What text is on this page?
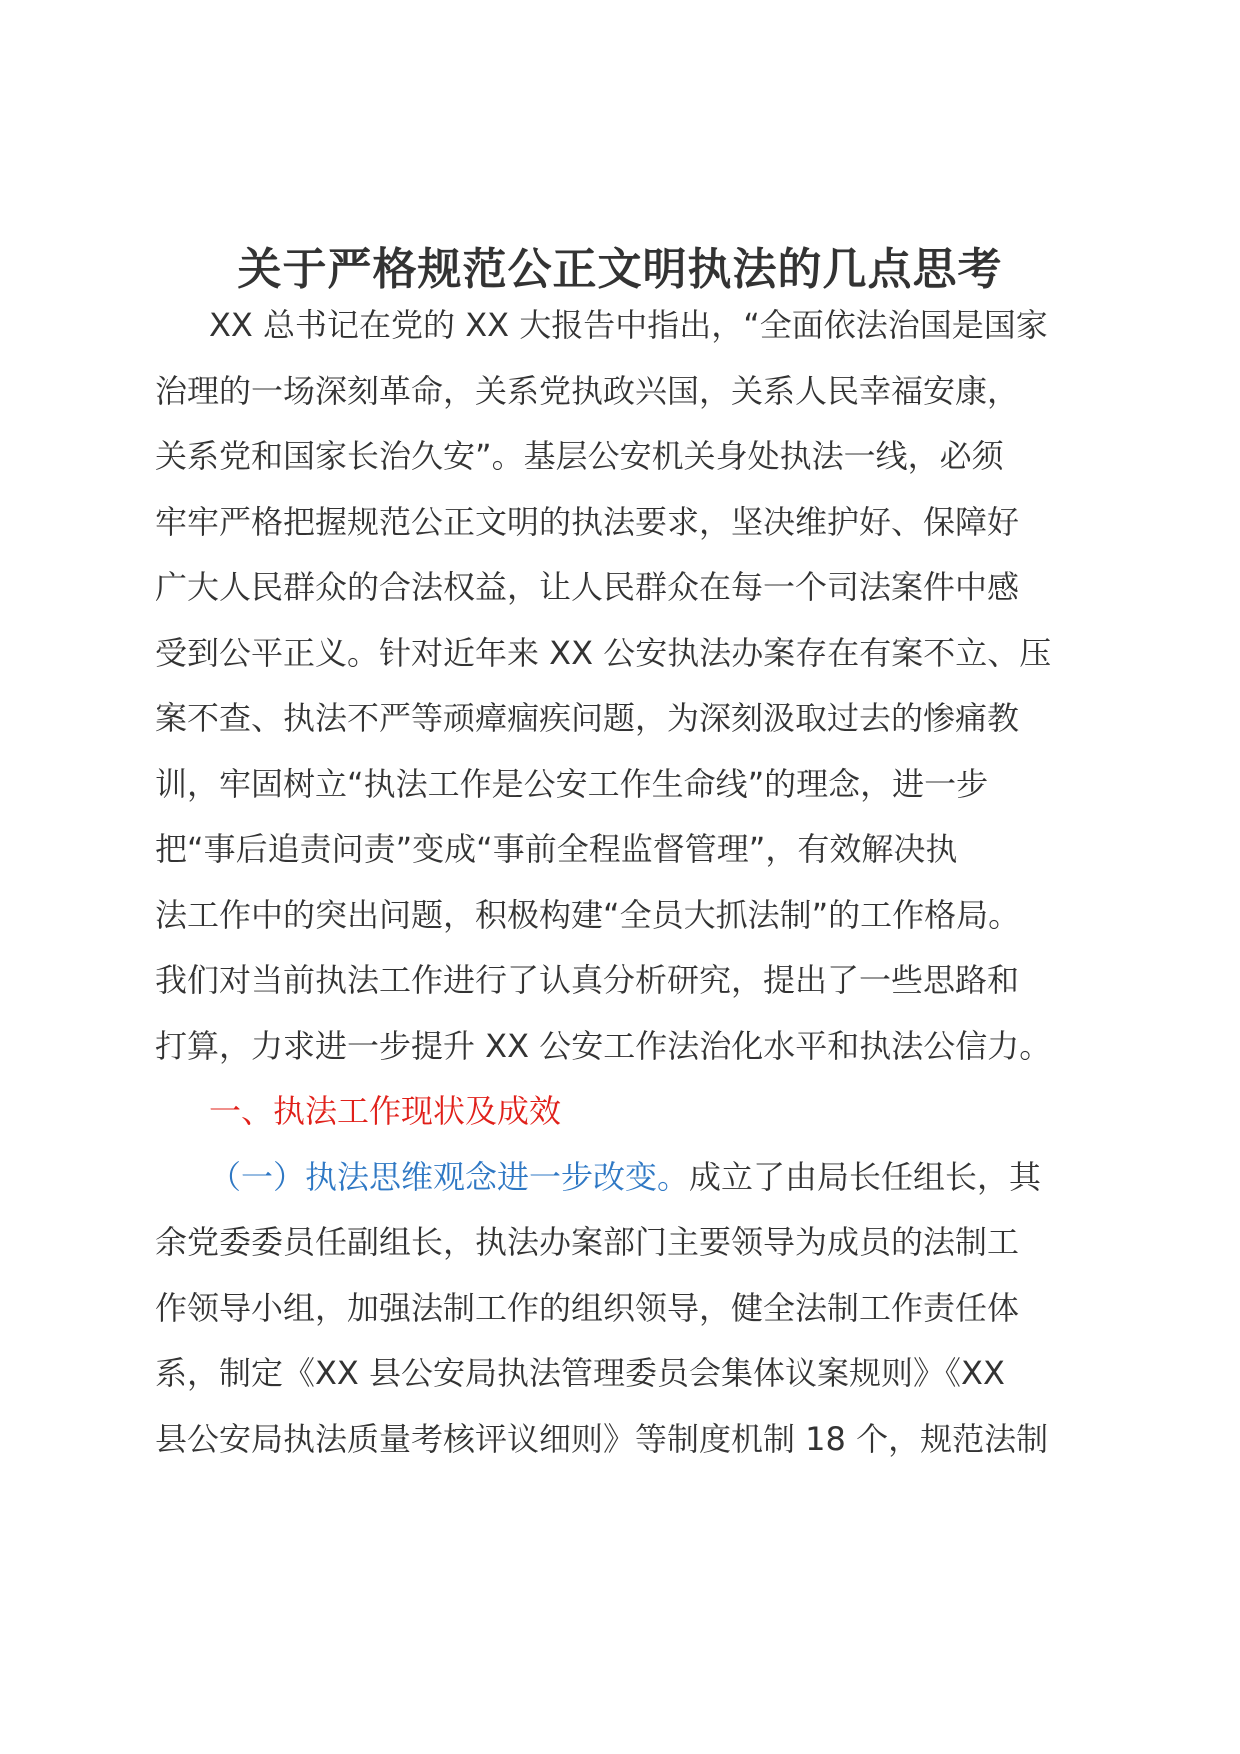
关于严格规范公正文明执法的几点思考
XX 总书记在党的 XX 大报告中指出，“全面依法治国是国家
治理的一场深刻革命，关系党执政兴国，关系人民幸福安康，
关系党和国家长治久安”。基层公安机关身处执法一线，必须
牢牢严格把握规范公正文明的执法要求，坚决维护好、保障好
广大人民群众的合法权益，让人民群众在每一个司法案件中感
受到公平正义。针对近年来 XX 公安执法办案存在有案不立、压
案不查、执法不严等顽瘴痼疾问题，为深刻汲取过去的惨痛教
训，牢固树立“执法工作是公安工作生命线”的理念，进一步
把“事后追责问责”变成“事前全程监督管理”，有效解决执
法工作中的突出问题，积极构建“全员大抓法制”的工作格局。
我们对当前执法工作进行了认真分析研究，提出了一些思路和
打算，力求进一步提升 XX 公安工作法治化水平和执法公信力。
一、执法工作现状及成效
（一）执法思维观念进一步改变。成立了由局长任组长，其
余党委委员任副组长，执法办案部门主要领导为成员的法制工
作领导小组，加强法制工作的组织领导，健全法制工作责任体
系，制定《XX 县公安局执法管理委员会集体议案规则》《XX
县公安局执法质量考核评议细则》等制度机制 18 个，规范法制
